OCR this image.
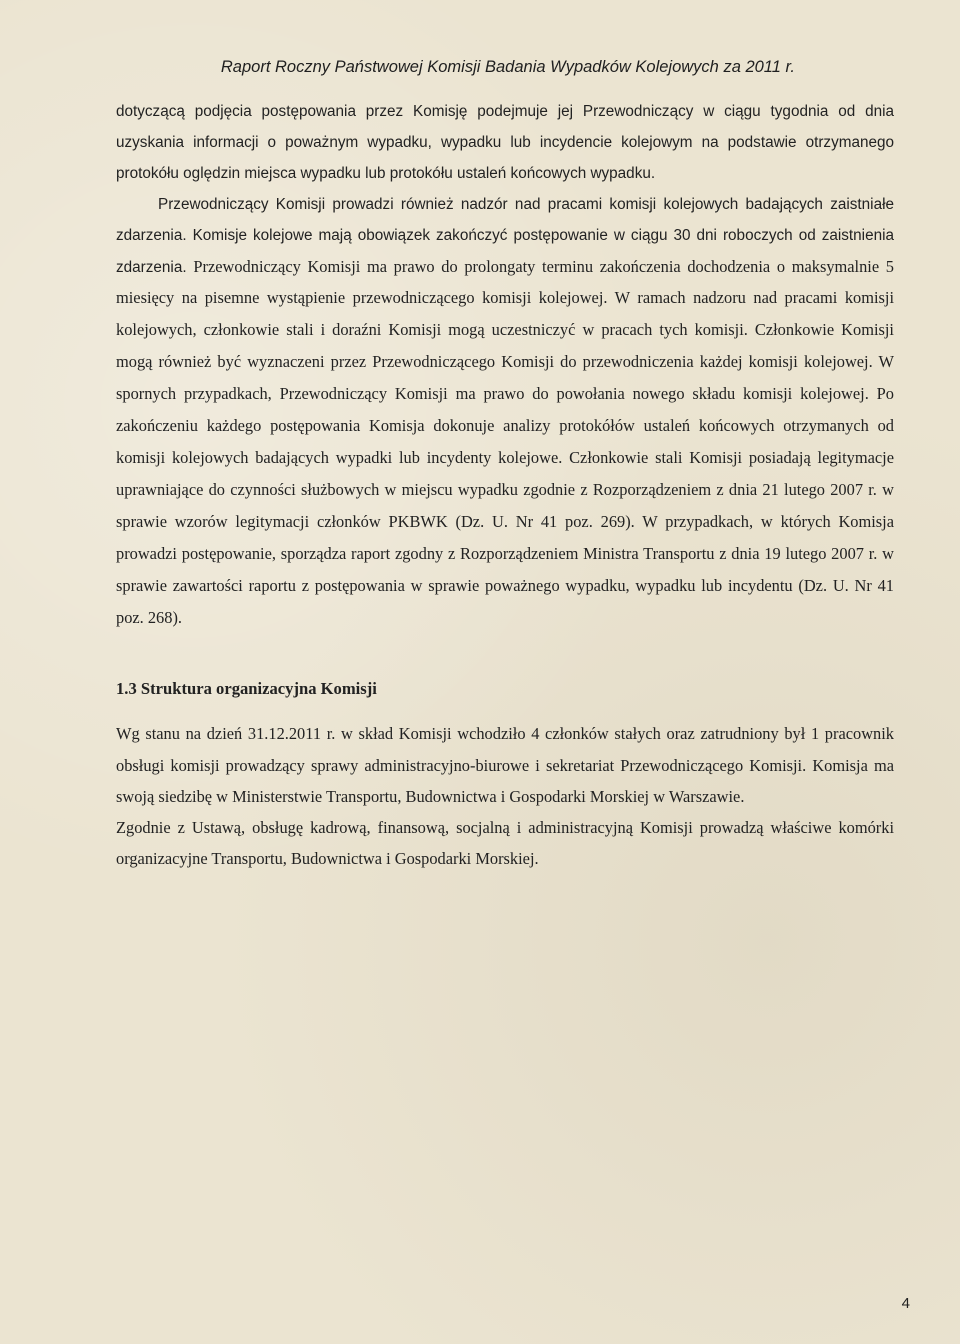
Raport Roczny Państwowej Komisji Badania Wypadków Kolejowych za 2011 r.

dotyczącą podjęcia postępowania przez Komisję podejmuje jej Przewodniczący w ciągu tygodnia od dnia uzyskania informacji o poważnym wypadku, wypadku lub incydencie kolejowym na podstawie otrzymanego protokółu oględzin miejsca wypadku lub protokółu ustaleń końcowych wypadku.

Przewodniczący Komisji prowadzi również nadzór nad pracami komisji kolejowych badających zaistniałe zdarzenia. Komisje kolejowe mają obowiązek zakończyć postępowanie w ciągu 30 dni roboczych od zaistnienia zdarzenia. Przewodniczący Komisji ma prawo do prolongaty terminu zakończenia dochodzenia o maksymalnie 5 miesięcy na pisemne wystąpienie przewodniczącego komisji kolejowej. W ramach nadzoru nad pracami komisji kolejowych, członkowie stali i doraźni Komisji mogą uczestniczyć w pracach tych komisji. Członkowie Komisji mogą również być wyznaczeni przez Przewodniczącego Komisji do przewodniczenia każdej komisji kolejowej. W spornych przypadkach, Przewodniczący Komisji ma prawo do powołania nowego składu komisji kolejowej. Po zakończeniu każdego postępowania Komisja dokonuje analizy protokółów ustaleń końcowych otrzymanych od komisji kolejowych badających wypadki lub incydenty kolejowe. Członkowie stali Komisji posiadają legitymacje uprawniające do czynności służbowych w miejscu wypadku zgodnie z Rozporządzeniem z dnia 21 lutego 2007 r. w sprawie wzorów legitymacji członków PKBWK (Dz. U. Nr 41 poz. 269). W przypadkach, w których Komisja prowadzi postępowanie, sporządza raport zgodny z Rozporządzeniem Ministra Transportu z dnia 19 lutego 2007 r. w sprawie zawartości raportu z postępowania w sprawie poważnego wypadku, wypadku lub incydentu (Dz. U. Nr 41 poz. 268).

1.3 Struktura organizacyjna Komisji

Wg stanu na dzień 31.12.2011 r. w skład Komisji wchodziło 4 członków stałych oraz zatrudniony był 1 pracownik obsługi komisji prowadzący sprawy administracyjno-biurowe i sekretariat Przewodniczącego Komisji. Komisja ma swoją siedzibę w Ministerstwie Transportu, Budownictwa i Gospodarki Morskiej w Warszawie.

Zgodnie z Ustawą, obsługę kadrową, finansową, socjalną i administracyjną Komisji prowadzą właściwe komórki organizacyjne Transportu, Budownictwa i Gospodarki Morskiej.

4
